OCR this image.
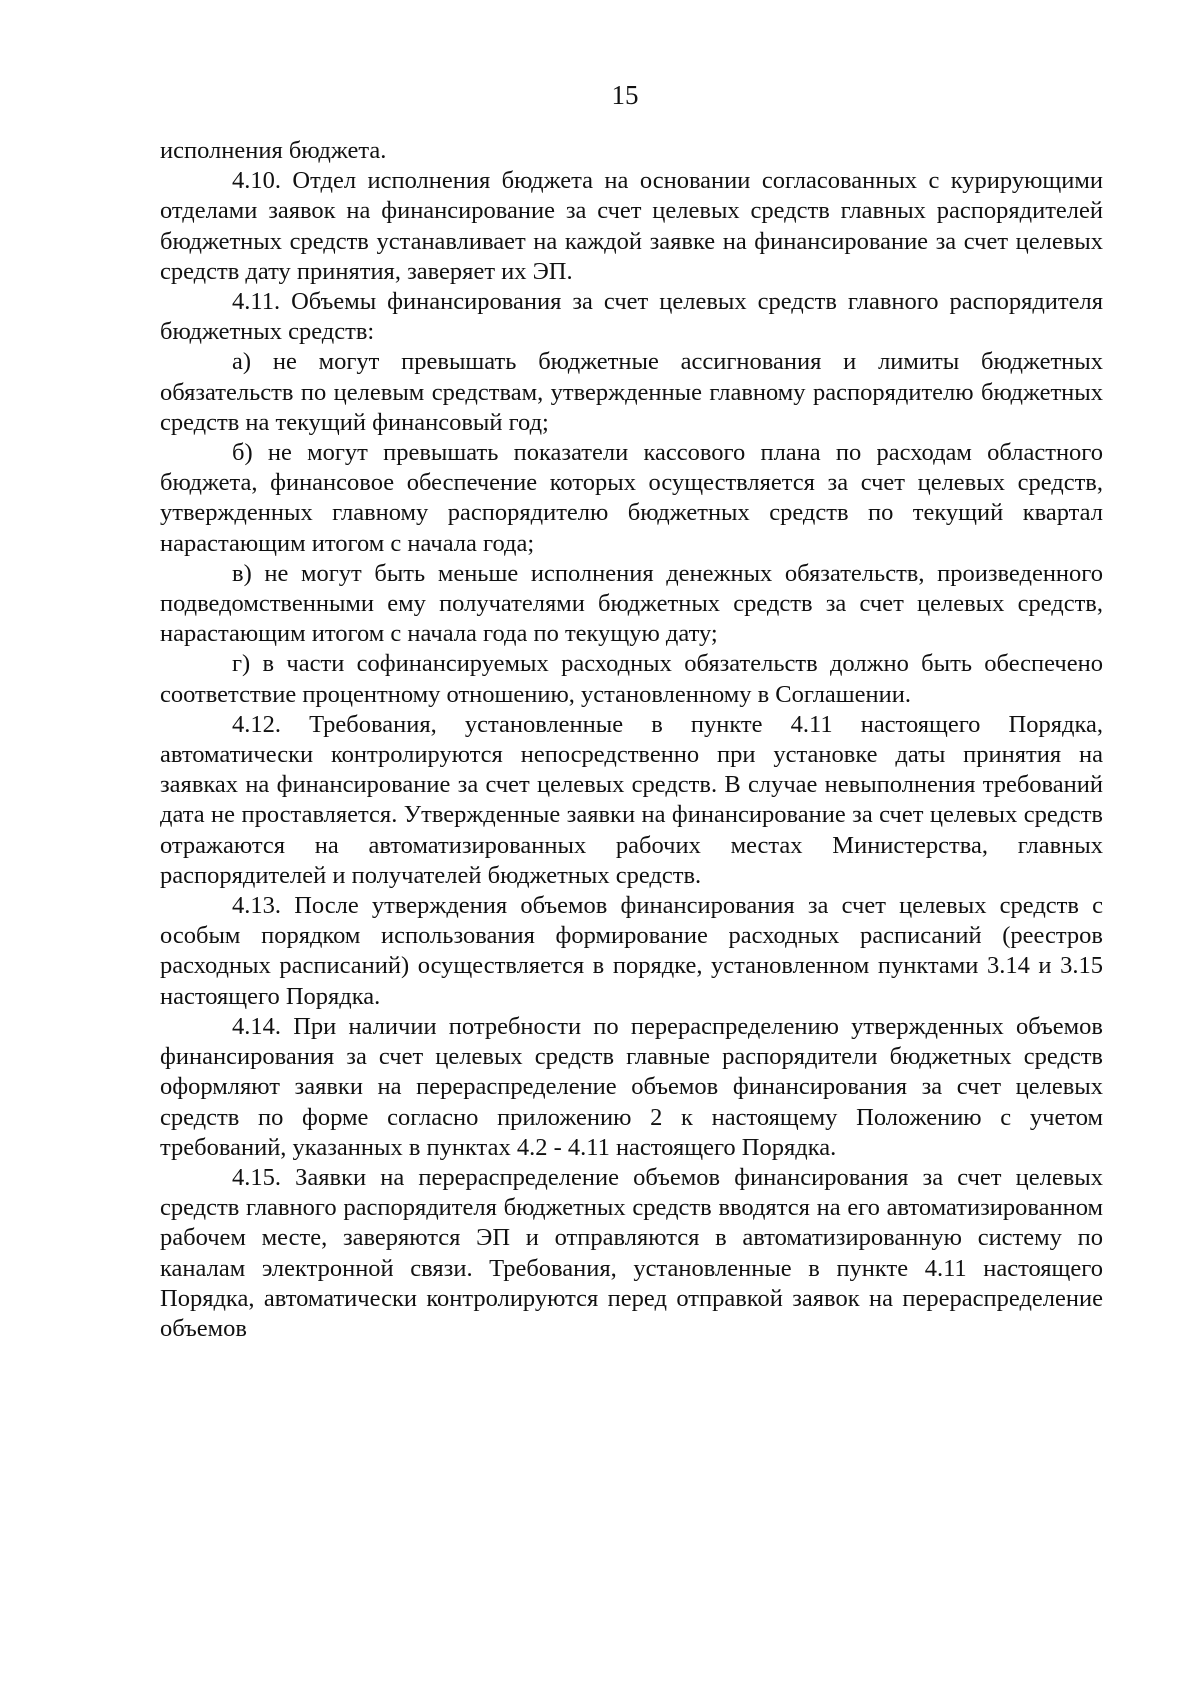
15

исполнения бюджета.

4.10. Отдел исполнения бюджета на основании согласованных с курирующими отделами заявок на финансирование за счет целевых средств главных распорядителей бюджетных средств устанавливает на каждой заявке на финансирование за счет целевых средств дату принятия, заверяет их ЭП.

4.11. Объемы финансирования за счет целевых средств главного распорядителя бюджетных средств:

а) не могут превышать бюджетные ассигнования и лимиты бюджетных обязательств по целевым средствам, утвержденные главному распорядителю бюджетных средств на текущий финансовый год;

б) не могут превышать показатели кассового плана по расходам областного бюджета, финансовое обеспечение которых осуществляется за счет целевых средств, утвержденных главному распорядителю бюджетных средств по текущий квартал нарастающим итогом с начала года;

в) не могут быть меньше исполнения денежных обязательств, произведенного подведомственными ему получателями бюджетных средств за счет целевых средств, нарастающим итогом с начала года по текущую дату;

г) в части софинансируемых расходных обязательств должно быть обеспечено соответствие процентному отношению, установленному в Соглашении.

4.12. Требования, установленные в пункте 4.11 настоящего Порядка, автоматически контролируются непосредственно при установке даты принятия на заявках на финансирование за счет целевых средств. В случае невыполнения требований дата не проставляется. Утвержденные заявки на финансирование за счет целевых средств отражаются на автоматизированных рабочих местах Министерства, главных распорядителей и получателей бюджетных средств.

4.13. После утверждения объемов финансирования за счет целевых средств с особым порядком использования формирование расходных расписаний (реестров расходных расписаний) осуществляется в порядке, установленном пунктами 3.14 и 3.15 настоящего Порядка.

4.14. При наличии потребности по перераспределению утвержденных объемов финансирования за счет целевых средств главные распорядители бюджетных средств оформляют заявки на перераспределение объемов финансирования за счет целевых средств по форме согласно приложению 2 к настоящему Положению с учетом требований, указанных в пунктах 4.2 - 4.11 настоящего Порядка.

4.15. Заявки на перераспределение объемов финансирования за счет целевых средств главного распорядителя бюджетных средств вводятся на его автоматизированном рабочем месте, заверяются ЭП и отправляются в автоматизированную систему по каналам электронной связи. Требования, установленные в пункте 4.11 настоящего Порядка, автоматически контролируются перед отправкой заявок на перераспределение объемов
